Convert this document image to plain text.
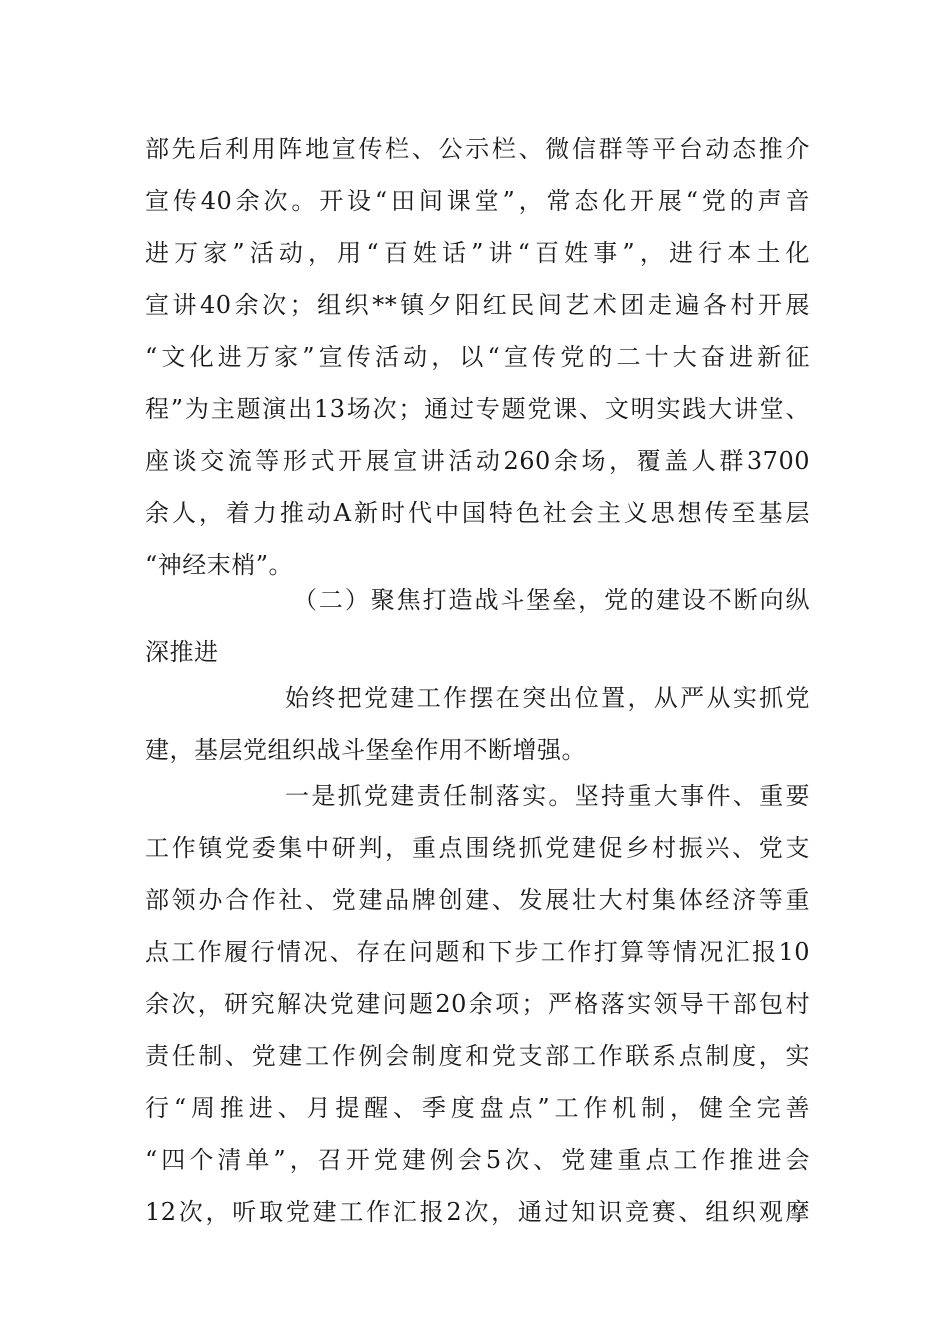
部先后利用阵地宣传栏、公示栏、微信群等平台动态推介
宣传40余次。开设“田间课堂”，常态化开展“党的声音
进万家”活动，用“百姓话”讲“百姓事”，进行本土化
宣讲40余次；组织**镇夕阳红民间艺术团走遍各村开展
“文化进万家”宣传活动，以“宣传党的二十大奋进新征
程”为主题演出13场次；通过专题党课、文明实践大讲堂、
座谈交流等形式开展宣讲活动260余场，覆盖人群3700
余人，着力推动A新时代中国特色社会主义思想传至基层
“神经末梢”。
（二）聚焦打造战斗堡垒，党的建设不断向纵
深推进
始终把党建工作摆在突出位置，从严从实抓党
建，基层党组织战斗堡垒作用不断增强。
一是抓党建责任制落实。坚持重大事件、重要
工作镇党委集中研判，重点围绕抓党建促乡村振兴、党支
部领办合作社、党建品牌创建、发展壮大村集体经济等重
点工作履行情况、存在问题和下步工作打算等情况汇报10
余次，研究解决党建问题20余项；严格落实领导干部包村
责任制、党建工作例会制度和党支部工作联系点制度，实
行“周推进、月提醒、季度盘点”工作机制，健全完善
“四个清单”，召开党建例会5次、党建重点工作推进会
12次，听取党建工作汇报2次，通过知识竞赛、组织观摩
